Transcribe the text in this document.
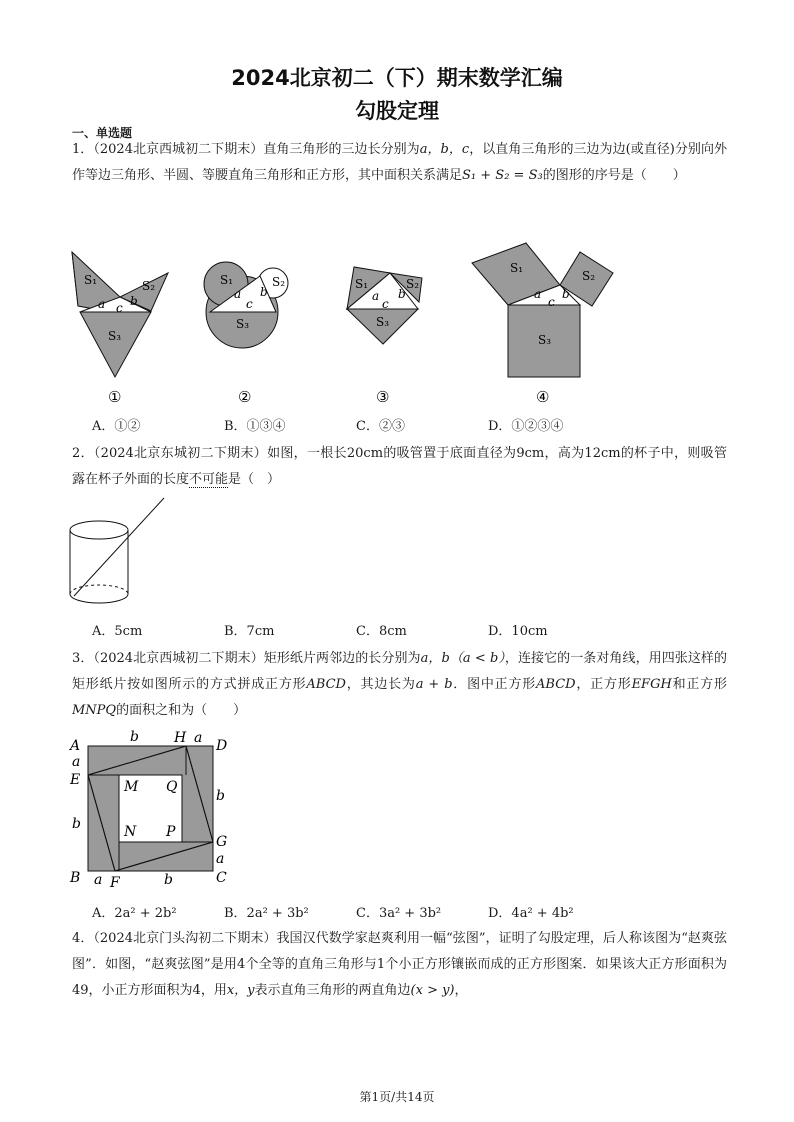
2024北京初二（下）期末数学汇编
勾股定理
一、单选题
1．（2024北京西城初二下期末）直角三角形的三边长分别为a，b，c，以直角三角形的三边为边(或直径)分别向外作等边三角形、半圆、等腰直角三角形和正方形，其中面积关系满足S₁ + S₂ = S₃的图形的序号是（　　）
S₁	S₂
S₃
a b
c
S₁	S₂
S₃
a b
c
S₁	S₂
S₃
a b
c
S₁
S₂
S₃
a b
c
①	②	③	④
A．①②	B．①③④	C．②③	D．①②③④
2．（2024北京东城初二下期末）如图，一根长20cm的吸管置于底面直径为9cm，高为12cm的杯子中，则吸管露在杯子外面的长度不可能是（　）
A．5cm	B．7cm	C．8cm	D．10cm
3．（2024北京西城初二下期末）矩形纸片两邻边的长分别为a，b（a < b），连接它的一条对角线，用四张这样的矩形纸片按如图所示的方式拼成正方形ABCD，其边长为a + b．图中正方形ABCD，正方形EFGH和正方形MNPQ的面积之和为（　　）
A	D
B	C
E
F
G
H
M Q
N P
b	a
a
b
b
a
a	b
A．2a² + 2b²	B．2a² + 3b²	C．3a² + 3b²	D．4a² + 4b²
4．（2024北京门头沟初二下期末）我国汉代数学家赵爽利用一幅“弦图”，证明了勾股定理，后人称该图为“赵爽弦图”．如图，“赵爽弦图”是用4个全等的直角三角形与1个小正方形镶嵌而成的正方形图案．如果该大正方形面积为49，小正方形面积为4，用x，y表示直角三角形的两直角边(x > y)，
第1页/共14页
